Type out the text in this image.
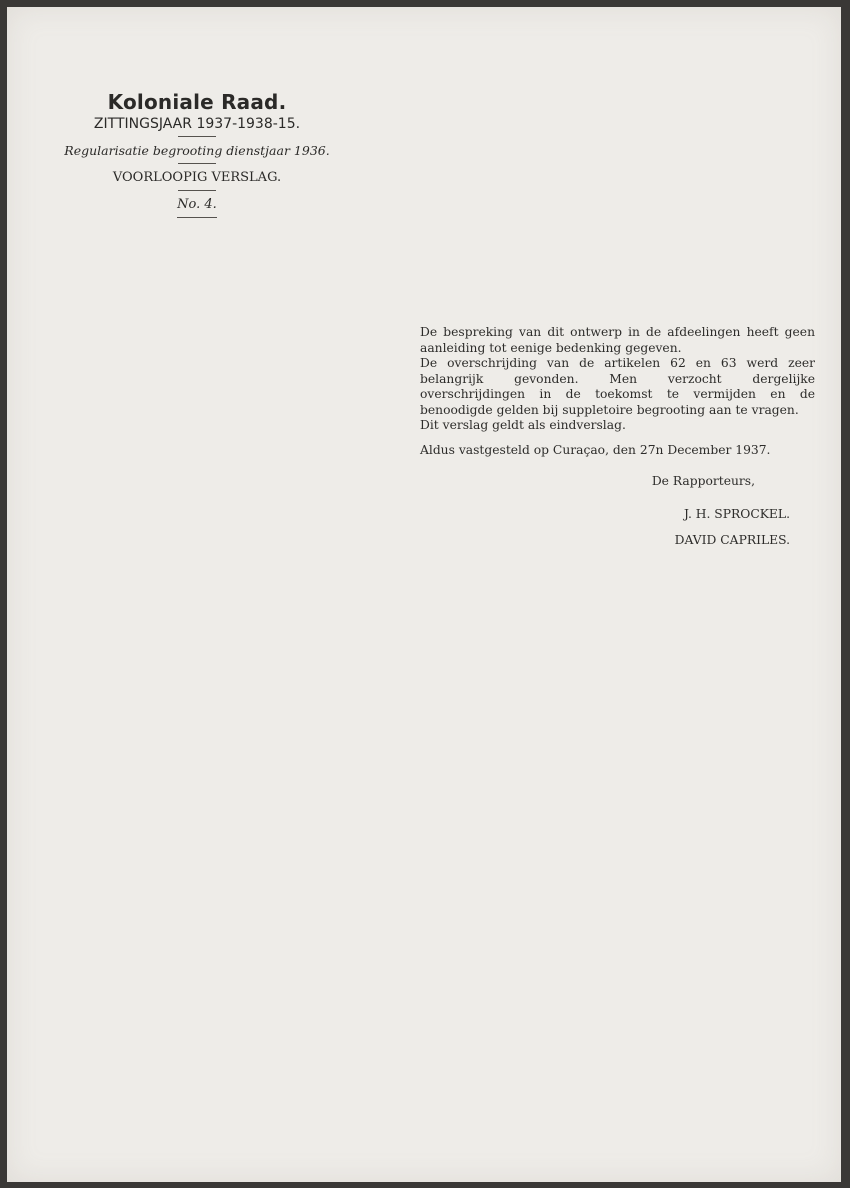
Koloniale Raad.

ZITTINGSJAAR 1937-1938-15.

Regularisatie begrooting dienstjaar 1936.

VOORLOOPIG VERSLAG.

No. 4.

De bespreking van dit ontwerp in de afdeelingen heeft geen aanleiding tot eenige bedenking gegeven.

De overschrijding van de artikelen 62 en 63 werd zeer belangrijk gevonden. Men verzocht dergelijke overschrijdingen in de toekomst te vermijden en de benoodigde gelden bij suppletoire begrooting aan te vragen.

Dit verslag geldt als eindverslag.

Aldus vastgesteld op Curaçao, den 27n December 1937.

De Rapporteurs,
J. H. SPROCKEL.
DAVID CAPRILES.
